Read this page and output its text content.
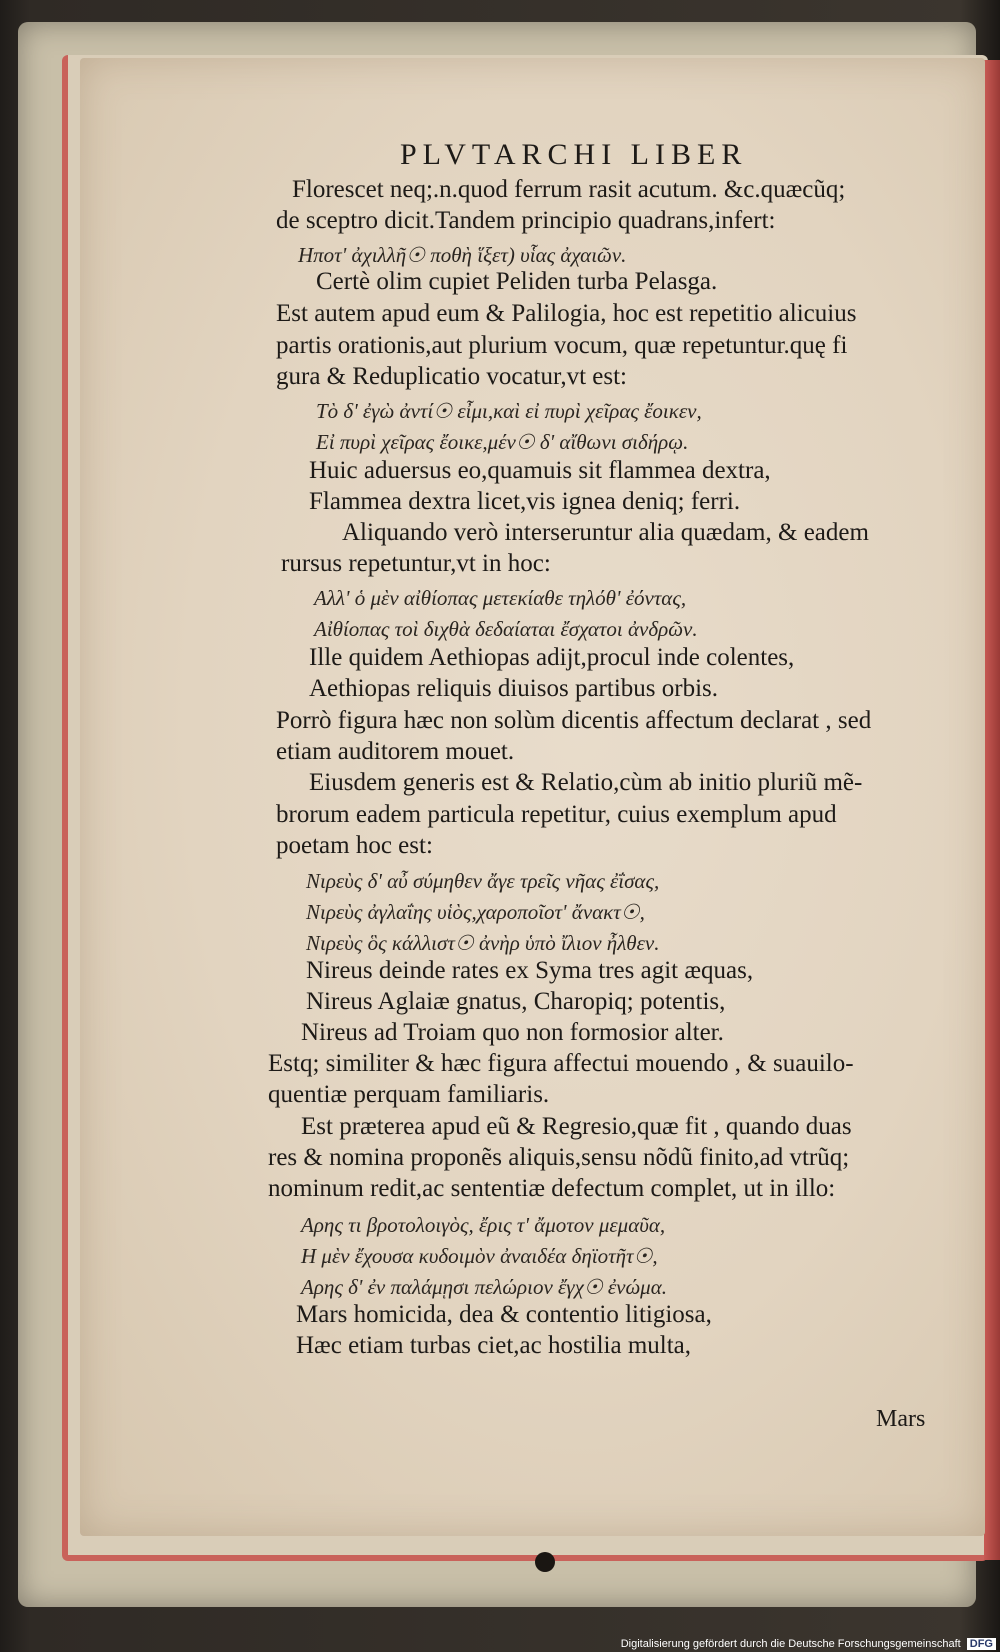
PLVTARCHI LIBER
Florescet neq;.n.quod ferrum rasit acutum. &c.quæcũq;
de sceptro dicit.Tandem principio quadrans,infert:
Ηποτ' ἀχιλλῆ☉ ποθὴ ἵξετ) υἷας ἀχαιῶν.
Certè olim cupiet Peliden turba Pelasga.
Est autem apud eum & Palilogia, hoc est repetitio alicuius
partis orationis,aut plurium vocum, quæ repetuntur.quę fi
gura & Reduplicatio vocatur,vt est:
Τὸ δ' ἐγὼ ἀντί☉ εἶμι,καὶ εἰ πυρὶ χεῖρας ἔοικεν,
Εἰ πυρὶ χεῖρας ἔοικε,μέν☉ δ' αἴθωνι σιδήρῳ.
Huic aduersus eo,quamuis sit flammea dextra,
Flammea dextra licet,vis ignea deniq; ferri.
Aliquando verò interseruntur alia quædam, & eadem
rursus repetuntur,vt in hoc:
Αλλ' ὁ μὲν αἰθίοπας μετεκίαθε τηλόθ' ἐόντας,
Αἰθίοπας τοὶ διχθὰ δεδαίαται ἔσχατοι ἀνδρῶν.
Ille quidem Aethiopas adijt,procul inde colentes,
Aethiopas reliquis diuisos partibus orbis.
Porrò figura hæc non solùm dicentis affectum declarat , sed
etiam auditorem mouet.
Eiusdem generis est & Relatio,cùm ab initio pluriũ mẽ-
brorum eadem particula repetitur, cuius exemplum apud
poetam hoc est:
Νιρεὺς δ' αὖ σύμηθεν ἄγε τρεῖς νῆας ἐΐσας,
Νιρεὺς ἀγλαΐης υἱὸς,χαροποῖοτ' ἄνακτ☉,
Νιρεὺς ὃς κάλλιστ☉ ἀνὴρ ὑπὸ ἴλιον ἦλθεν.
Nireus deinde rates ex Syma tres agit æquas,
Nireus Aglaiæ gnatus, Charopiq; potentis,
Nireus ad Troiam quo non formosior alter.
Estq; similiter & hæc figura affectui mouendo , & suauilo-
quentiæ perquam familiaris.
Est præterea apud eũ & Regresio,quæ fit , quando duas
res & nomina proponẽs aliquis,sensu nõdũ finito,ad vtrũq;
nominum redit,ac sententiæ defectum complet, ut in illo:
Αρης τι βροτολοιγὸς, ἔρις τ' ἄμοτον μεμαῦα,
Η μὲν ἔχουσα κυδοιμὸν ἀναιδέα δηϊοτῆτ☉,
Αρης δ' ἐν παλάμῃσι πελώριον ἔγχ☉ ἐνώμα.
Mars homicida, dea & contentio litigiosa,
Hæc etiam turbas ciet,ac hostilia multa,
Mars
Digitalisierung gefördert durch die Deutsche Forschungsgemeinschaft DFG
